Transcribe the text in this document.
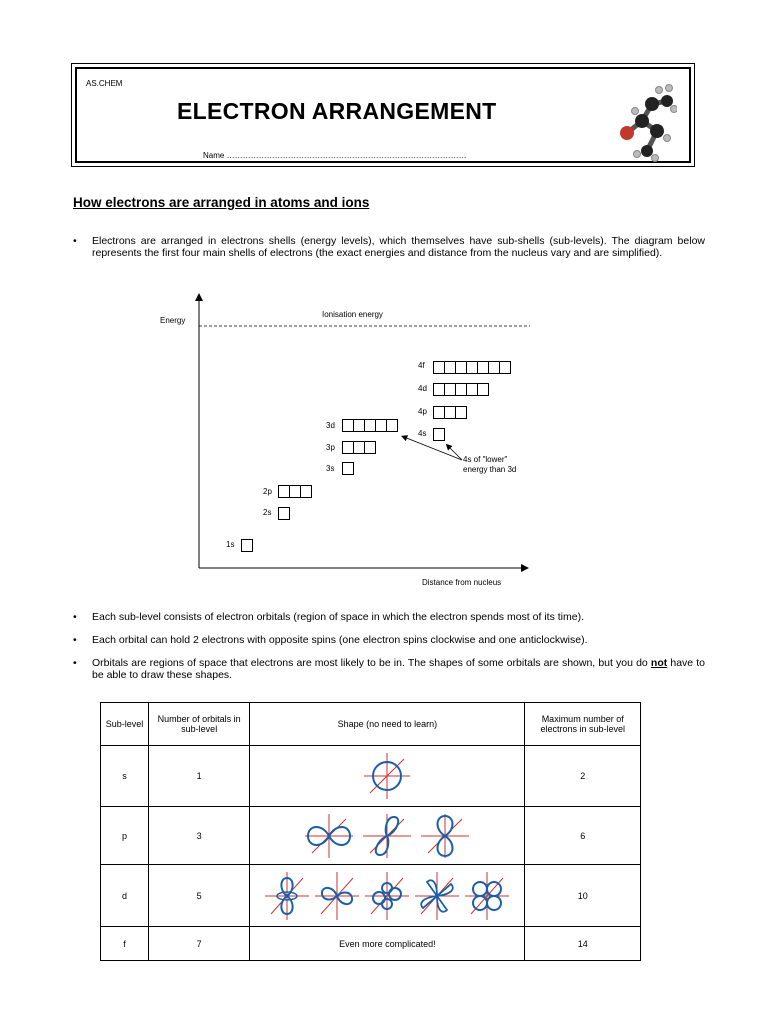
AS.CHEM
ELECTRON ARRANGEMENT
Name ………………………………………………………………………………
How electrons are arranged in atoms and ions
• Electrons are arranged in electrons shells (energy levels), which themselves have sub-shells (sub-levels). The diagram below represents the first four main shells of electrons (the exact energies and distance from the nucleus vary and are simplified).
Energy
Ionisation energy
Distance from nucleus
4s of "lower" energy than 3d
1s
2s
2p
3s
3p
3d
4s
4p
4d
4f
• Each sub-level consists of electron orbitals (region of space in which the electron spends most of its time).
• Each orbital can hold 2 electrons with opposite spins (one electron spins clockwise and one anticlockwise).
• Orbitals are regions of space that electrons are most likely to be in. The shapes of some orbitals are shown, but you do not have to be able to draw these shapes.
Sub-level	Number of orbitals in sub-level	Shape (no need to learn)	Maximum number of electrons in sub-level
s	1		2
p	3		6
d	5		10
f	7	Even more complicated!	14
